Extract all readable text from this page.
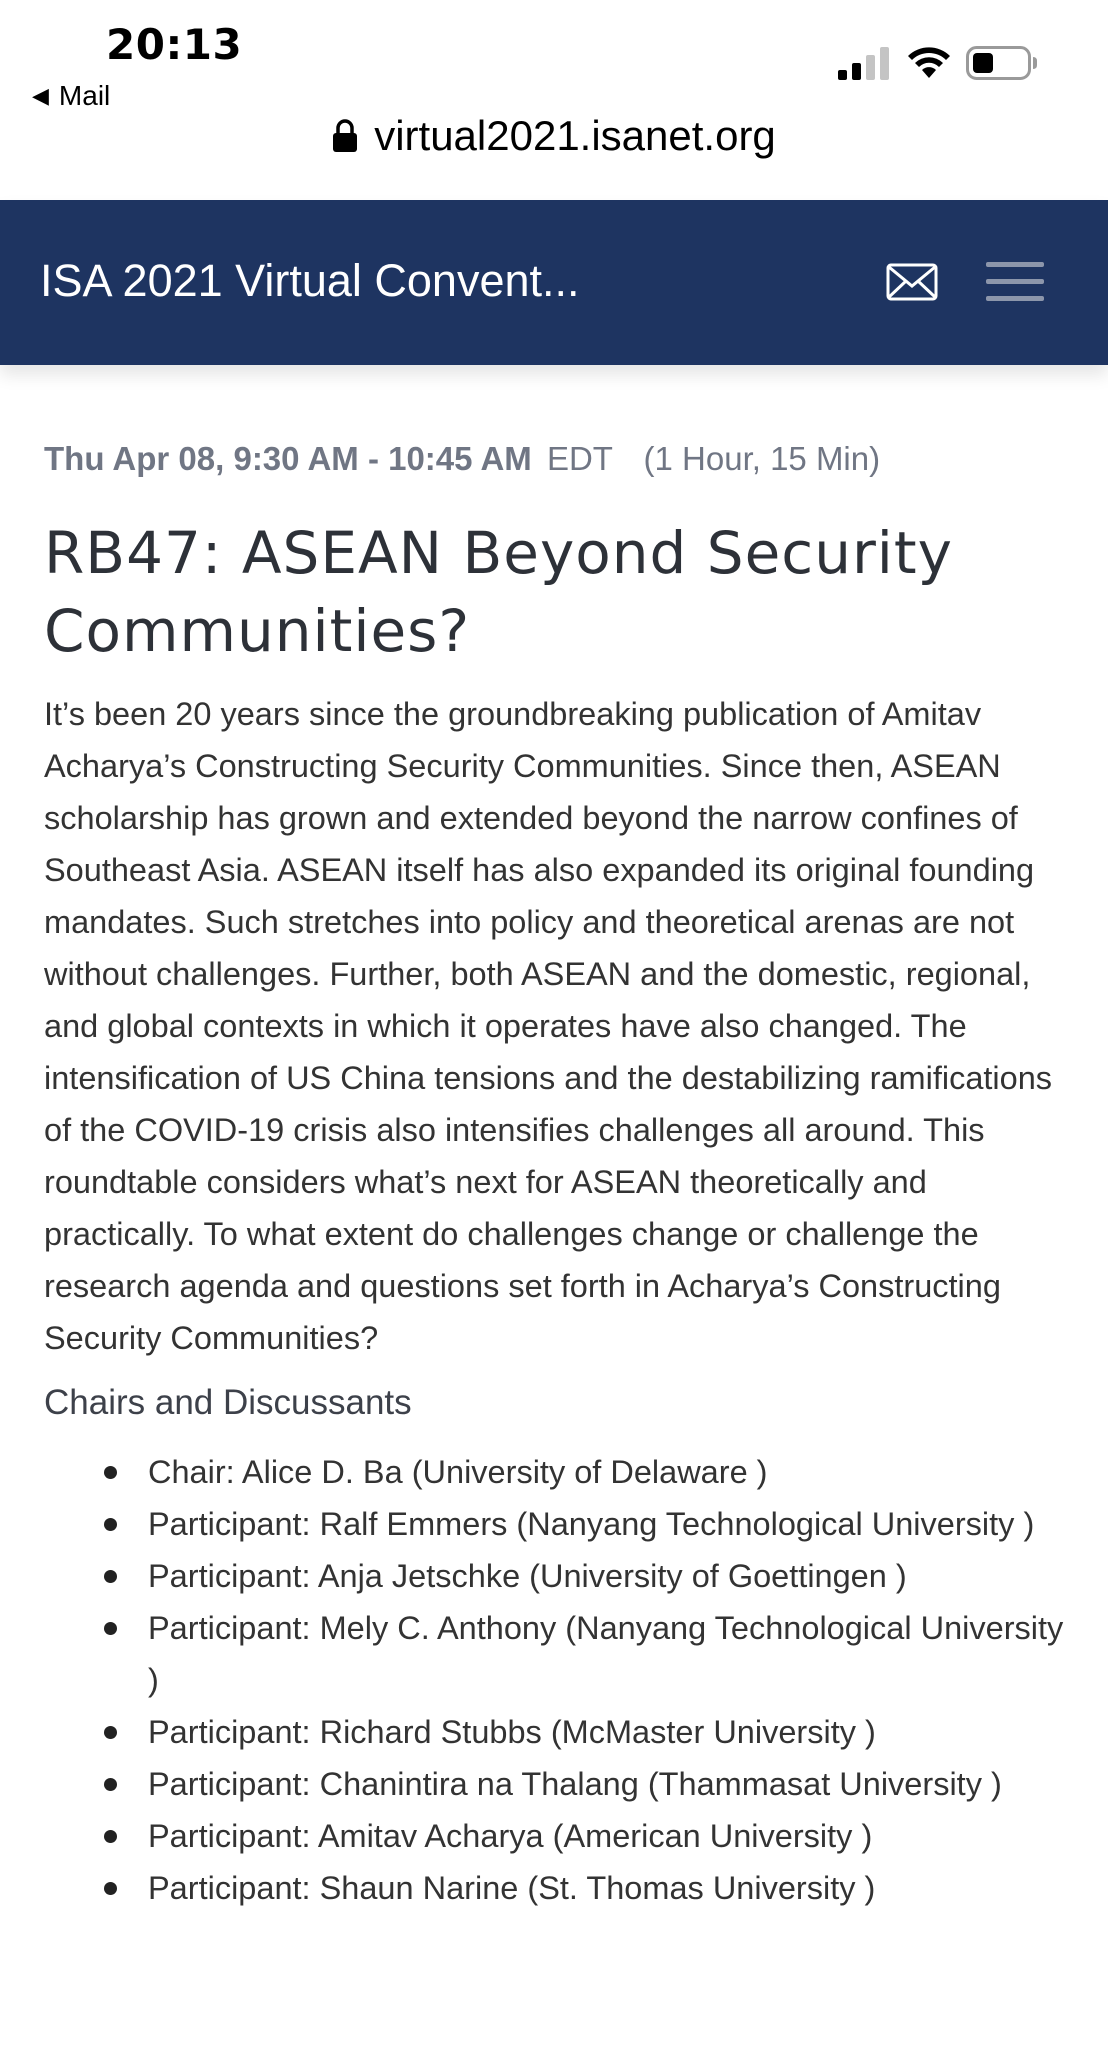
20:13
◀ Mail
virtual2021.isanet.org
ISA 2021 Virtual Convent...
Thu Apr 08, 9:30 AM - 10:45 AM EDT (1 Hour, 15 Min)
RB47: ASEAN Beyond Security Communities?
It’s been 20 years since the groundbreaking publication of Amitav Acharya’s Constructing Security Communities. Since then, ASEAN scholarship has grown and extended beyond the narrow confines of Southeast Asia. ASEAN itself has also expanded its original founding mandates. Such stretches into policy and theoretical arenas are not without challenges. Further, both ASEAN and the domestic, regional, and global contexts in which it operates have also changed. The intensification of US China tensions and the destabilizing ramifications of the COVID-19 crisis also intensifies challenges all around. This roundtable considers what’s next for ASEAN theoretically and practically. To what extent do challenges change or challenge the research agenda and questions set forth in Acharya’s Constructing Security Communities?
Chairs and Discussants
Chair: Alice D. Ba (University of Delaware )
Participant: Ralf Emmers (Nanyang Technological University )
Participant: Anja Jetschke (University of Goettingen )
Participant: Mely C. Anthony (Nanyang Technological University )
Participant: Richard Stubbs (McMaster University )
Participant: Chanintira na Thalang (Thammasat University )
Participant: Amitav Acharya (American University )
Participant: Shaun Narine (St. Thomas University )
